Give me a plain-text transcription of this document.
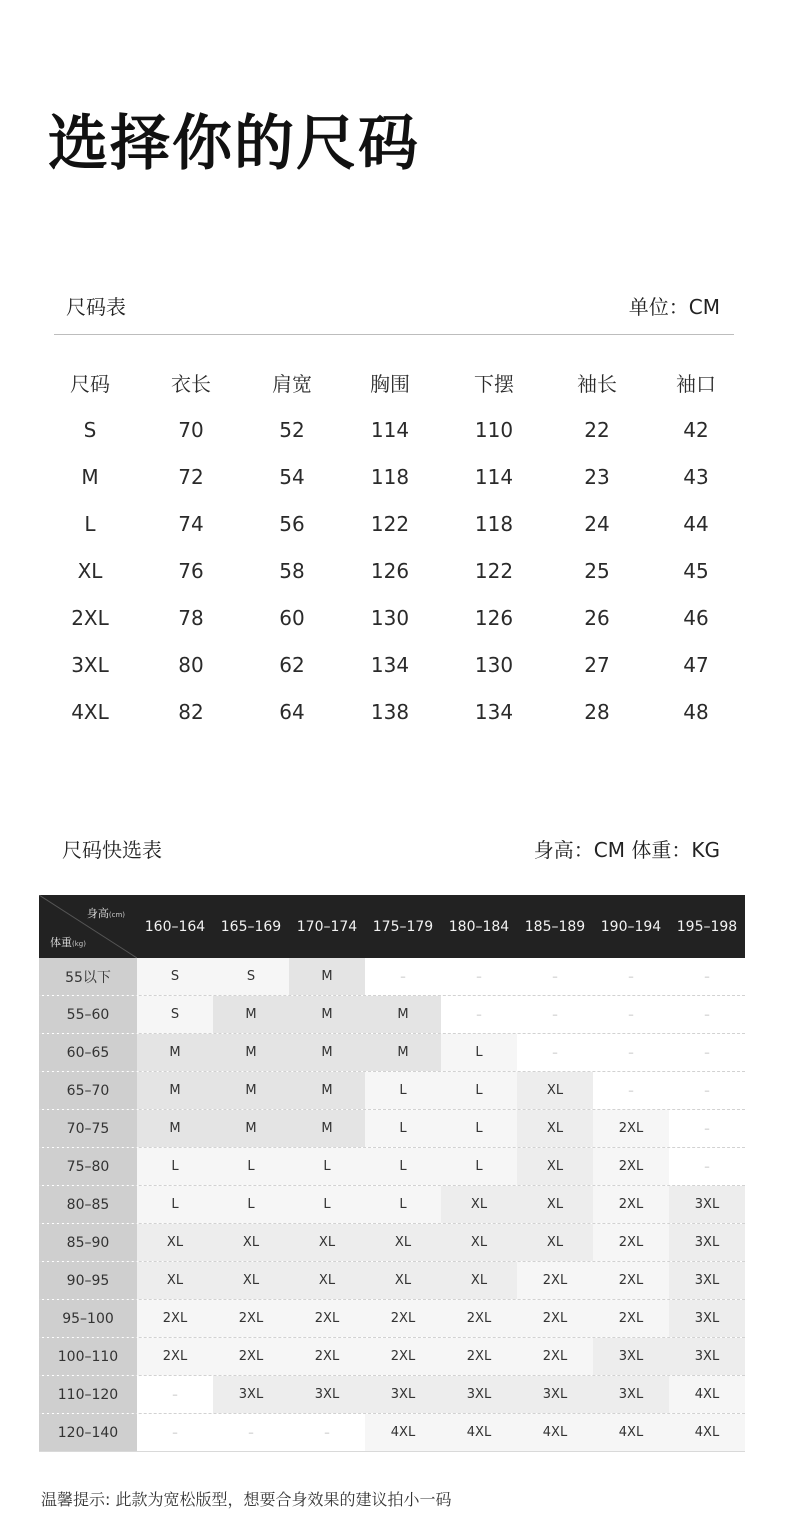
选择你的尺码
尺码表	单位：CM
尺码	衣长	肩宽	胸围	下摆	袖长	袖口
S	70	52	114	110	22	42
M	72	54	118	114	23	43
L	74	56	122	118	24	44
XL	76	58	126	122	25	45
2XL	78	60	130	126	26	46
3XL	80	62	134	130	27	47
4XL	82	64	138	134	28	48
尺码快选表	身高：CM 体重：KG
身高(cm)
体重(kg)
160–164	165–169	170–174	175–179	180–184	185–189	190–194	195–198
55以下	S	S	M	–	–	–	–	–
55–60	S	M	M	M	–	–	–	–
60–65	M	M	M	M	L	–	–	–
65–70	M	M	M	L	L	XL	–	–
70–75	M	M	M	L	L	XL	2XL	–
75–80	L	L	L	L	L	XL	2XL	–
80–85	L	L	L	L	XL	XL	2XL	3XL
85–90	XL	XL	XL	XL	XL	XL	2XL	3XL
90–95	XL	XL	XL	XL	XL	2XL	2XL	3XL
95–100	2XL	2XL	2XL	2XL	2XL	2XL	2XL	3XL
100–110	2XL	2XL	2XL	2XL	2XL	2XL	3XL	3XL
110–120	–	3XL	3XL	3XL	3XL	3XL	3XL	4XL
120–140	–	–	–	4XL	4XL	4XL	4XL	4XL
温馨提示: 此款为宽松版型，想要合身效果的建议拍小一码
